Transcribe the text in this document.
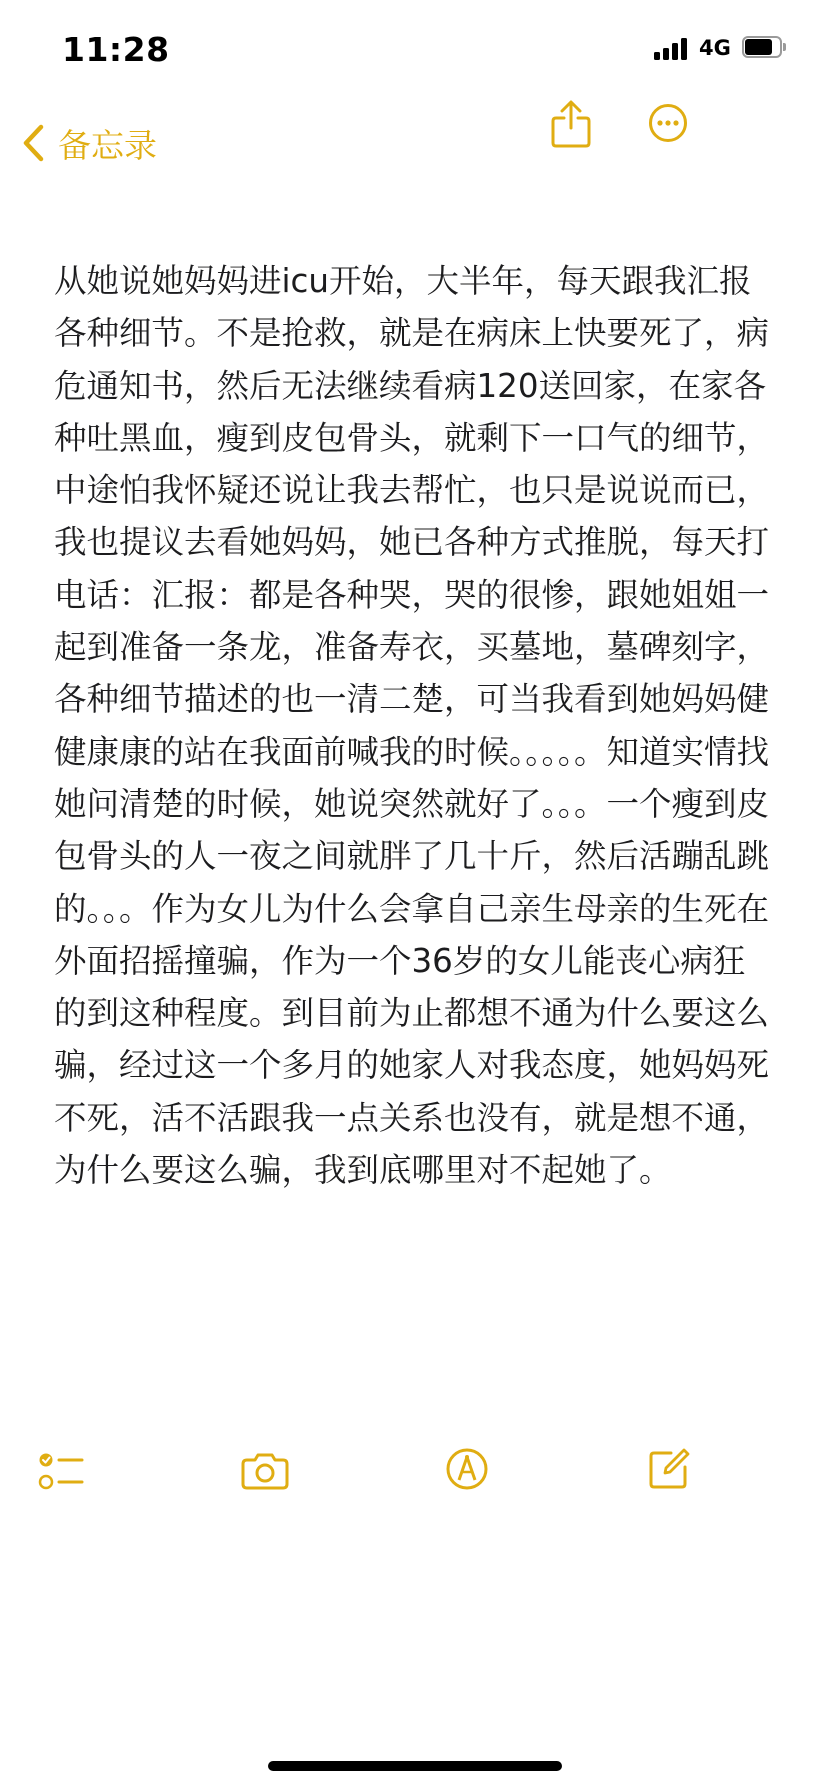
11:28	4G
备忘录
从她说她妈妈进icu开始，大半年，每天跟我汇报各种细节。不是抢救，就是在病床上快要死了，病危通知书，然后无法继续看病120送回家，在家各种吐黑血，瘦到皮包骨头，就剩下一口气的细节，中途怕我怀疑还说让我去帮忙，也只是说说而已，我也提议去看她妈妈，她已各种方式推脱，每天打电话：汇报：都是各种哭，哭的很惨，跟她姐姐一起到准备一条龙，准备寿衣，买墓地，墓碑刻字，各种细节描述的也一清二楚，可当我看到她妈妈健健康康的站在我面前喊我的时候。。。。。知道实情找她问清楚的时候，她说突然就好了。。。一个瘦到皮包骨头的人一夜之间就胖了几十斤，然后活蹦乱跳的。。。作为女儿为什么会拿自己亲生母亲的生死在外面招摇撞骗，作为一个36岁的女儿能丧心病狂的到这种程度。到目前为止都想不通为什么要这么骗，经过这一个多月的她家人对我态度，她妈妈死不死，活不活跟我一点关系也没有，就是想不通，为什么要这么骗，我到底哪里对不起她了。
